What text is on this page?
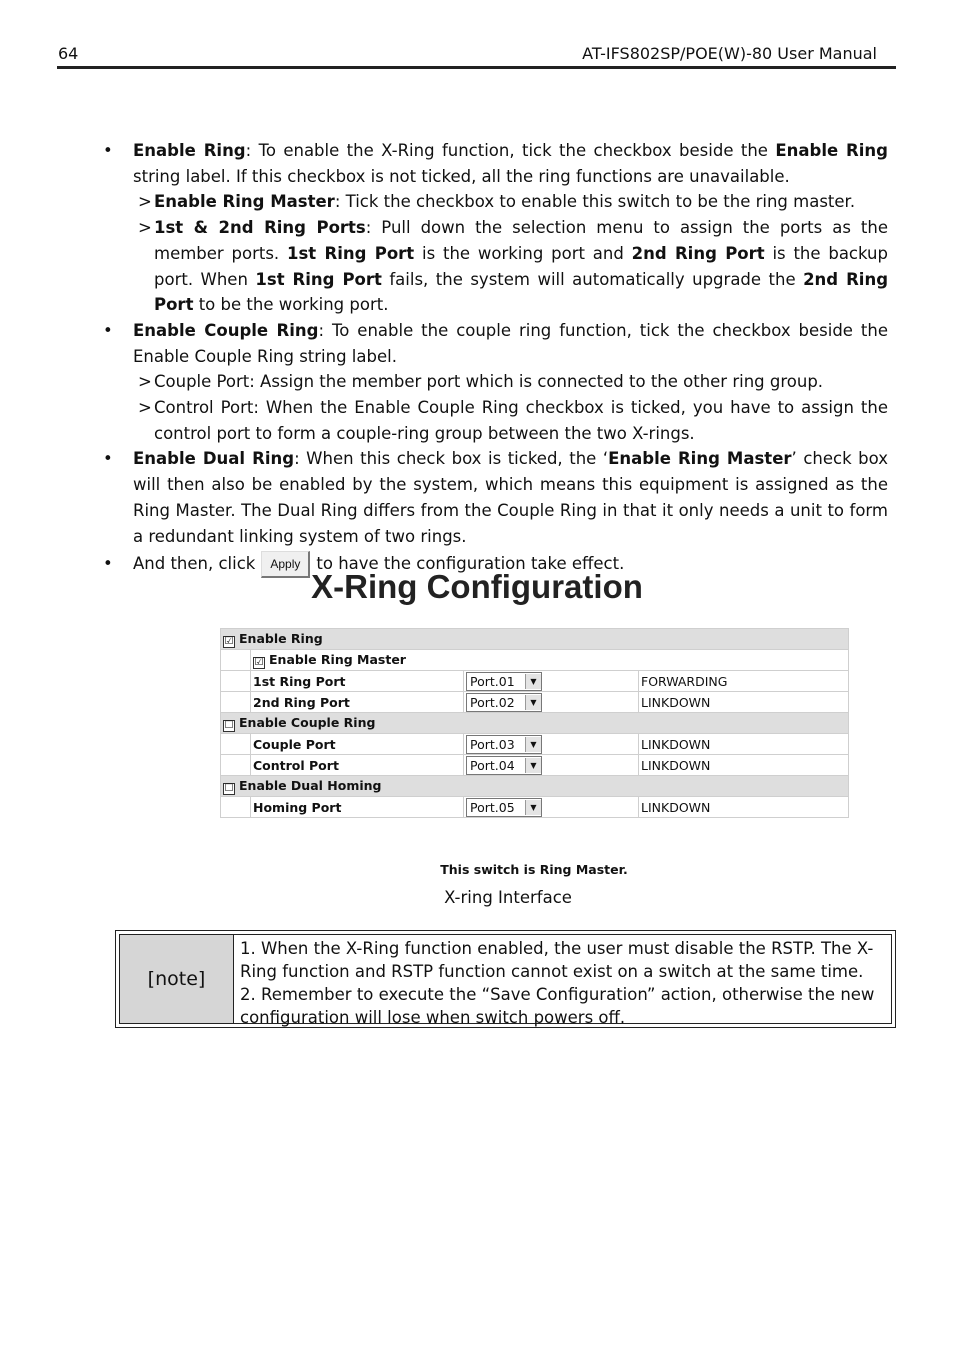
64	AT-IFS802SP/POE(W)-80 User Manual
• Enable Ring: To enable the X-Ring function, tick the checkbox beside the Enable Ring string label. If this checkbox is not ticked, all the ring functions are unavailable.
> Enable Ring Master: Tick the checkbox to enable this switch to be the ring master.
> 1st & 2nd Ring Ports: Pull down the selection menu to assign the ports as the member ports. 1st Ring Port is the working port and 2nd Ring Port is the backup port. When 1st Ring Port fails, the system will automatically upgrade the 2nd Ring Port to be the working port.
• Enable Couple Ring: To enable the couple ring function, tick the checkbox beside the Enable Couple Ring string label.
> Couple Port: Assign the member port which is connected to the other ring group.
> Control Port: When the Enable Couple Ring checkbox is ticked, you have to assign the control port to form a couple-ring group between the two X-rings.
• Enable Dual Ring: When this check box is ticked, the ‘Enable Ring Master’ check box will then also be enabled by the system, which means this equipment is assigned as the Ring Master. The Dual Ring differs from the Couple Ring in that it only needs a unit to form a redundant linking system of two rings.
• And then, click Apply to have the configuration take effect.
X-Ring Configuration
☑ Enable Ring			
	☑ Enable Ring Master		
	1st Ring Port	Port.01 ▼	FORWARDING
	2nd Ring Port	Port.02 ▼	LINKDOWN
☐ Enable Couple Ring			
	Couple Port	Port.03 ▼	LINKDOWN
	Control Port	Port.04 ▼	LINKDOWN
☐ Enable Dual Homing			
	Homing Port	Port.05 ▼	LINKDOWN
This switch is Ring Master.
X-ring Interface
[note]
1. When the X-Ring function enabled, the user must disable the RSTP. The X-Ring function and RSTP function cannot exist on a switch at the same time.
2. Remember to execute the “Save Configuration” action, otherwise the new configuration will lose when switch powers off.
